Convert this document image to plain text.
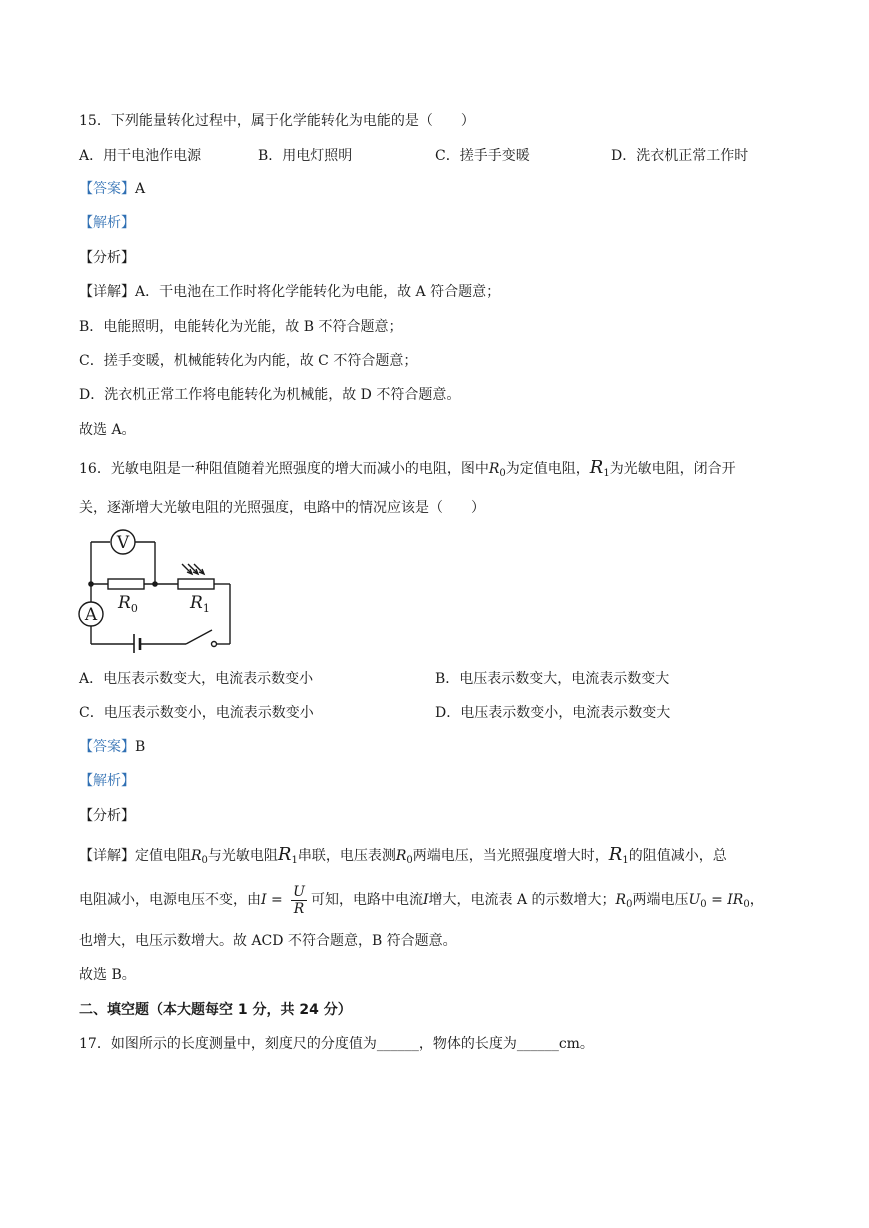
15．下列能量转化过程中，属于化学能转化为电能的是（　　）
A．用干电池作电源	B．用电灯照明	C．搓手手变暖	D．洗衣机正常工作时
【答案】A
【解析】
【分析】
【详解】A．干电池在工作时将化学能转化为电能，故 A 符合题意；
B．电能照明，电能转化为光能，故 B 不符合题意；
C．搓手变暖，机械能转化为内能，故 C 不符合题意；
D．洗衣机正常工作将电能转化为机械能，故 D 不符合题意。
故选 A。
16．光敏电阻是一种阻值随着光照强度的增大而减小的电阻，图中$R_0$为定值电阻，$R_1$为光敏电阻，闭合开
关，逐渐增大光敏电阻的光照强度，电路中的情况应该是（　　）
V
A
$R_0$	$R_1$
A．电压表示数变大，电流表示数变小	B．电压表示数变大，电流表示数变大
C．电压表示数变小，电流表示数变小	D．电压表示数变小，电流表示数变大
【答案】B
【解析】
【分析】
【详解】定值电阻$R_0$与光敏电阻$R_1$串联，电压表测$R_0$两端电压，当光照强度增大时，$R_1$的阻值减小，总
电阻减小，电源电压不变，由$I = \frac{U}{R}$ 可知，电路中电流I增大，电流表 A 的示数增大；$R_0$两端电压$U_0 = IR_0$，
也增大，电压示数增大。故 ACD 不符合题意，B 符合题意。
故选 B。
二、填空题（本大题每空 1 分，共 24 分）
17．如图所示的长度测量中，刻度尺的分度值为______，物体的长度为______cm。
